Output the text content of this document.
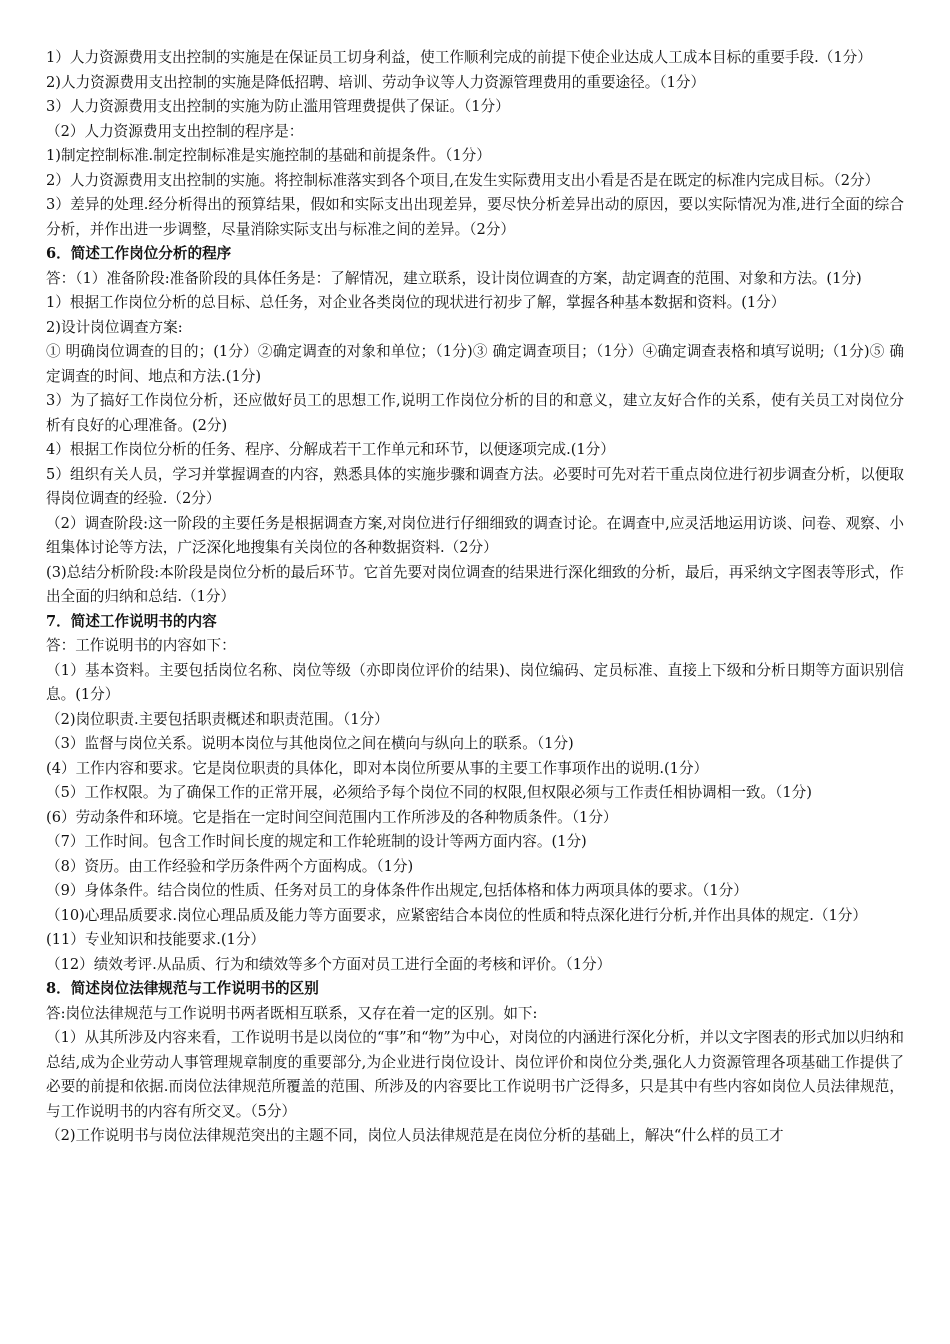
1）人力资源费用支出控制的实施是在保证员工切身利益，使工作顺利完成的前提下使企业达成人工成本目标的重要手段.（1分）

2)人力资源费用支出控制的实施是降低招聘、培训、劳动争议等人力资源管理费用的重要途径。（1分）

3）人力资源费用支出控制的实施为防止滥用管理费提供了保证。（1分）

（2）人力资源费用支出控制的程序是：

1)制定控制标准.制定控制标准是实施控制的基础和前提条件。（1分）

2）人力资源费用支出控制的实施。将控制标准落实到各个项目,在发生实际费用支出小看是否是在既定的标准内完成目标。（2分）

3）差异的处理.经分析得出的预算结果，假如和实际支出出现差异，要尽快分析差异出动的原因，要以实际情况为准,进行全面的综合分析，并作出进一步调整，尽量消除实际支出与标准之间的差异。（2分）

6．简述工作岗位分析的程序

答：（1）准备阶段:准备阶段的具体任务是：了解情况，建立联系，设计岗位调查的方案，劼定调查的范围、对象和方法。(1分)

1）根据工作岗位分析的总目标、总任务，对企业各类岗位的现状进行初步了解，掌握各种基本数据和资料。(1分）

2)设计岗位调查方案:

① 明确岗位调查的目的；(1分）②确定调查的对象和单位；（1分)③ 确定调查项目；（1分）④确定调查表格和填写说明;（1分)⑤ 确定调查的时间、地点和方法.(1分)

3）为了搞好工作岗位分析，还应做好员工的思想工作,说明工作岗位分析的目的和意义，建立友好合作的关系，使有关员工对岗位分析有良好的心理准备。(2分)

4）根据工作岗位分析的任务、程序、分解成若干工作单元和环节，以便逐项完成.(1分）

5）组织有关人员，学习并掌握调查的内容，熟悉具体的实施步骤和调查方法。必要时可先对若干重点岗位进行初步调查分析，以便取得岗位调查的经验.（2分）

（2）调查阶段:这一阶段的主要任务是根据调查方案,对岗位进行仔细细致的调查讨论。在调查中,应灵活地运用访谈、问卷、观察、小组集体讨论等方法，广泛深化地搜集有关岗位的各种数据资料.（2分）

(3)总结分析阶段:本阶段是岗位分析的最后环节。它首先要对岗位调查的结果进行深化细致的分析，最后，再采纳文字图表等形式，作出全面的归纳和总结.（1分）

7．简述工作说明书的内容

答：工作说明书的内容如下：

（1）基本资料。主要包括岗位名称、岗位等级（亦即岗位评价的结果)、岗位编码、定员标准、直接上下级和分析日期等方面识别信息。(1分）

（2)岗位职责.主要包括职责概述和职责范围。（1分）

（3）监督与岗位关系。说明本岗位与其他岗位之间在横向与纵向上的联系。（1分)

(4）工作内容和要求。它是岗位职责的具体化，即对本岗位所要从事的主要工作事项作出的说明.(1分）

（5）工作权限。为了确保工作的正常开展，必须给予每个岗位不同的权限,但权限必须与工作责任相协调相一致。（1分)

(6）劳动条件和环境。它是指在一定时间空间范围内工作所涉及的各种物质条件。（1分）

（7）工作时间。包含工作时间长度的规定和工作轮班制的设计等两方面内容。(1分)

（8）资历。由工作经验和学历条件两个方面构成。（1分)

（9）身体条件。结合岗位的性质、任务对员工的身体条件作出规定,包括体格和体力两项具体的要求。（1分）

（10)心理品质要求.岗位心理品质及能力等方面要求，应紧密结合本岗位的性质和特点深化进行分析,并作出具体的规定.（1分）

(11）专业知识和技能要求.(1分）

（12）绩效考评.从品质、行为和绩效等多个方面对员工进行全面的考核和评价。（1分）

8．简述岗位法律规范与工作说明书的区别

答:岗位法律规范与工作说明书两者既相互联系，又存在着一定的区别。如下:

（1）从其所涉及内容来看，工作说明书是以岗位的“事”和“物”为中心，对岗位的内涵进行深化分析，并以文字图表的形式加以归纳和总结,成为企业劳动人事管理规章制度的重要部分,为企业进行岗位设计、岗位评价和岗位分类,强化人力资源管理各项基础工作提供了必要的前提和依据.而岗位法律规范所覆盖的范围、所涉及的内容要比工作说明书广泛得多，只是其中有些内容如岗位人员法律规范，与工作说明书的内容有所交叉。（5分）

（2)工作说明书与岗位法律规范突出的主题不同，岗位人员法律规范是在岗位分析的基础上，解决“什么样的员工才
